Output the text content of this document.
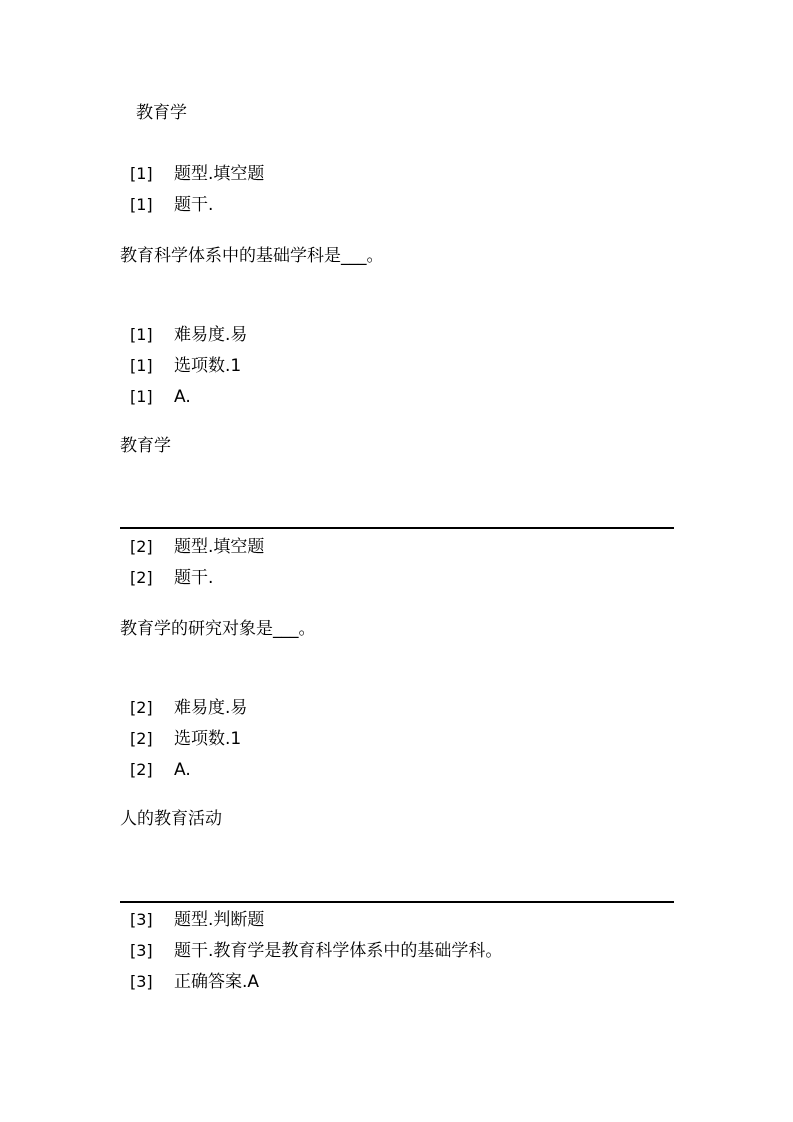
教育学
[1] 题型.填空题
[1] 题干.
教育科学体系中的基础学科是___。
[1] 难易度.易
[1] 选项数.1
[1] A.
教育学
[2] 题型.填空题
[2] 题干.
教育学的研究对象是___。
[2] 难易度.易
[2] 选项数.1
[2] A.
人的教育活动
[3] 题型.判断题
[3] 题干.教育学是教育科学体系中的基础学科。
[3] 正确答案.A
